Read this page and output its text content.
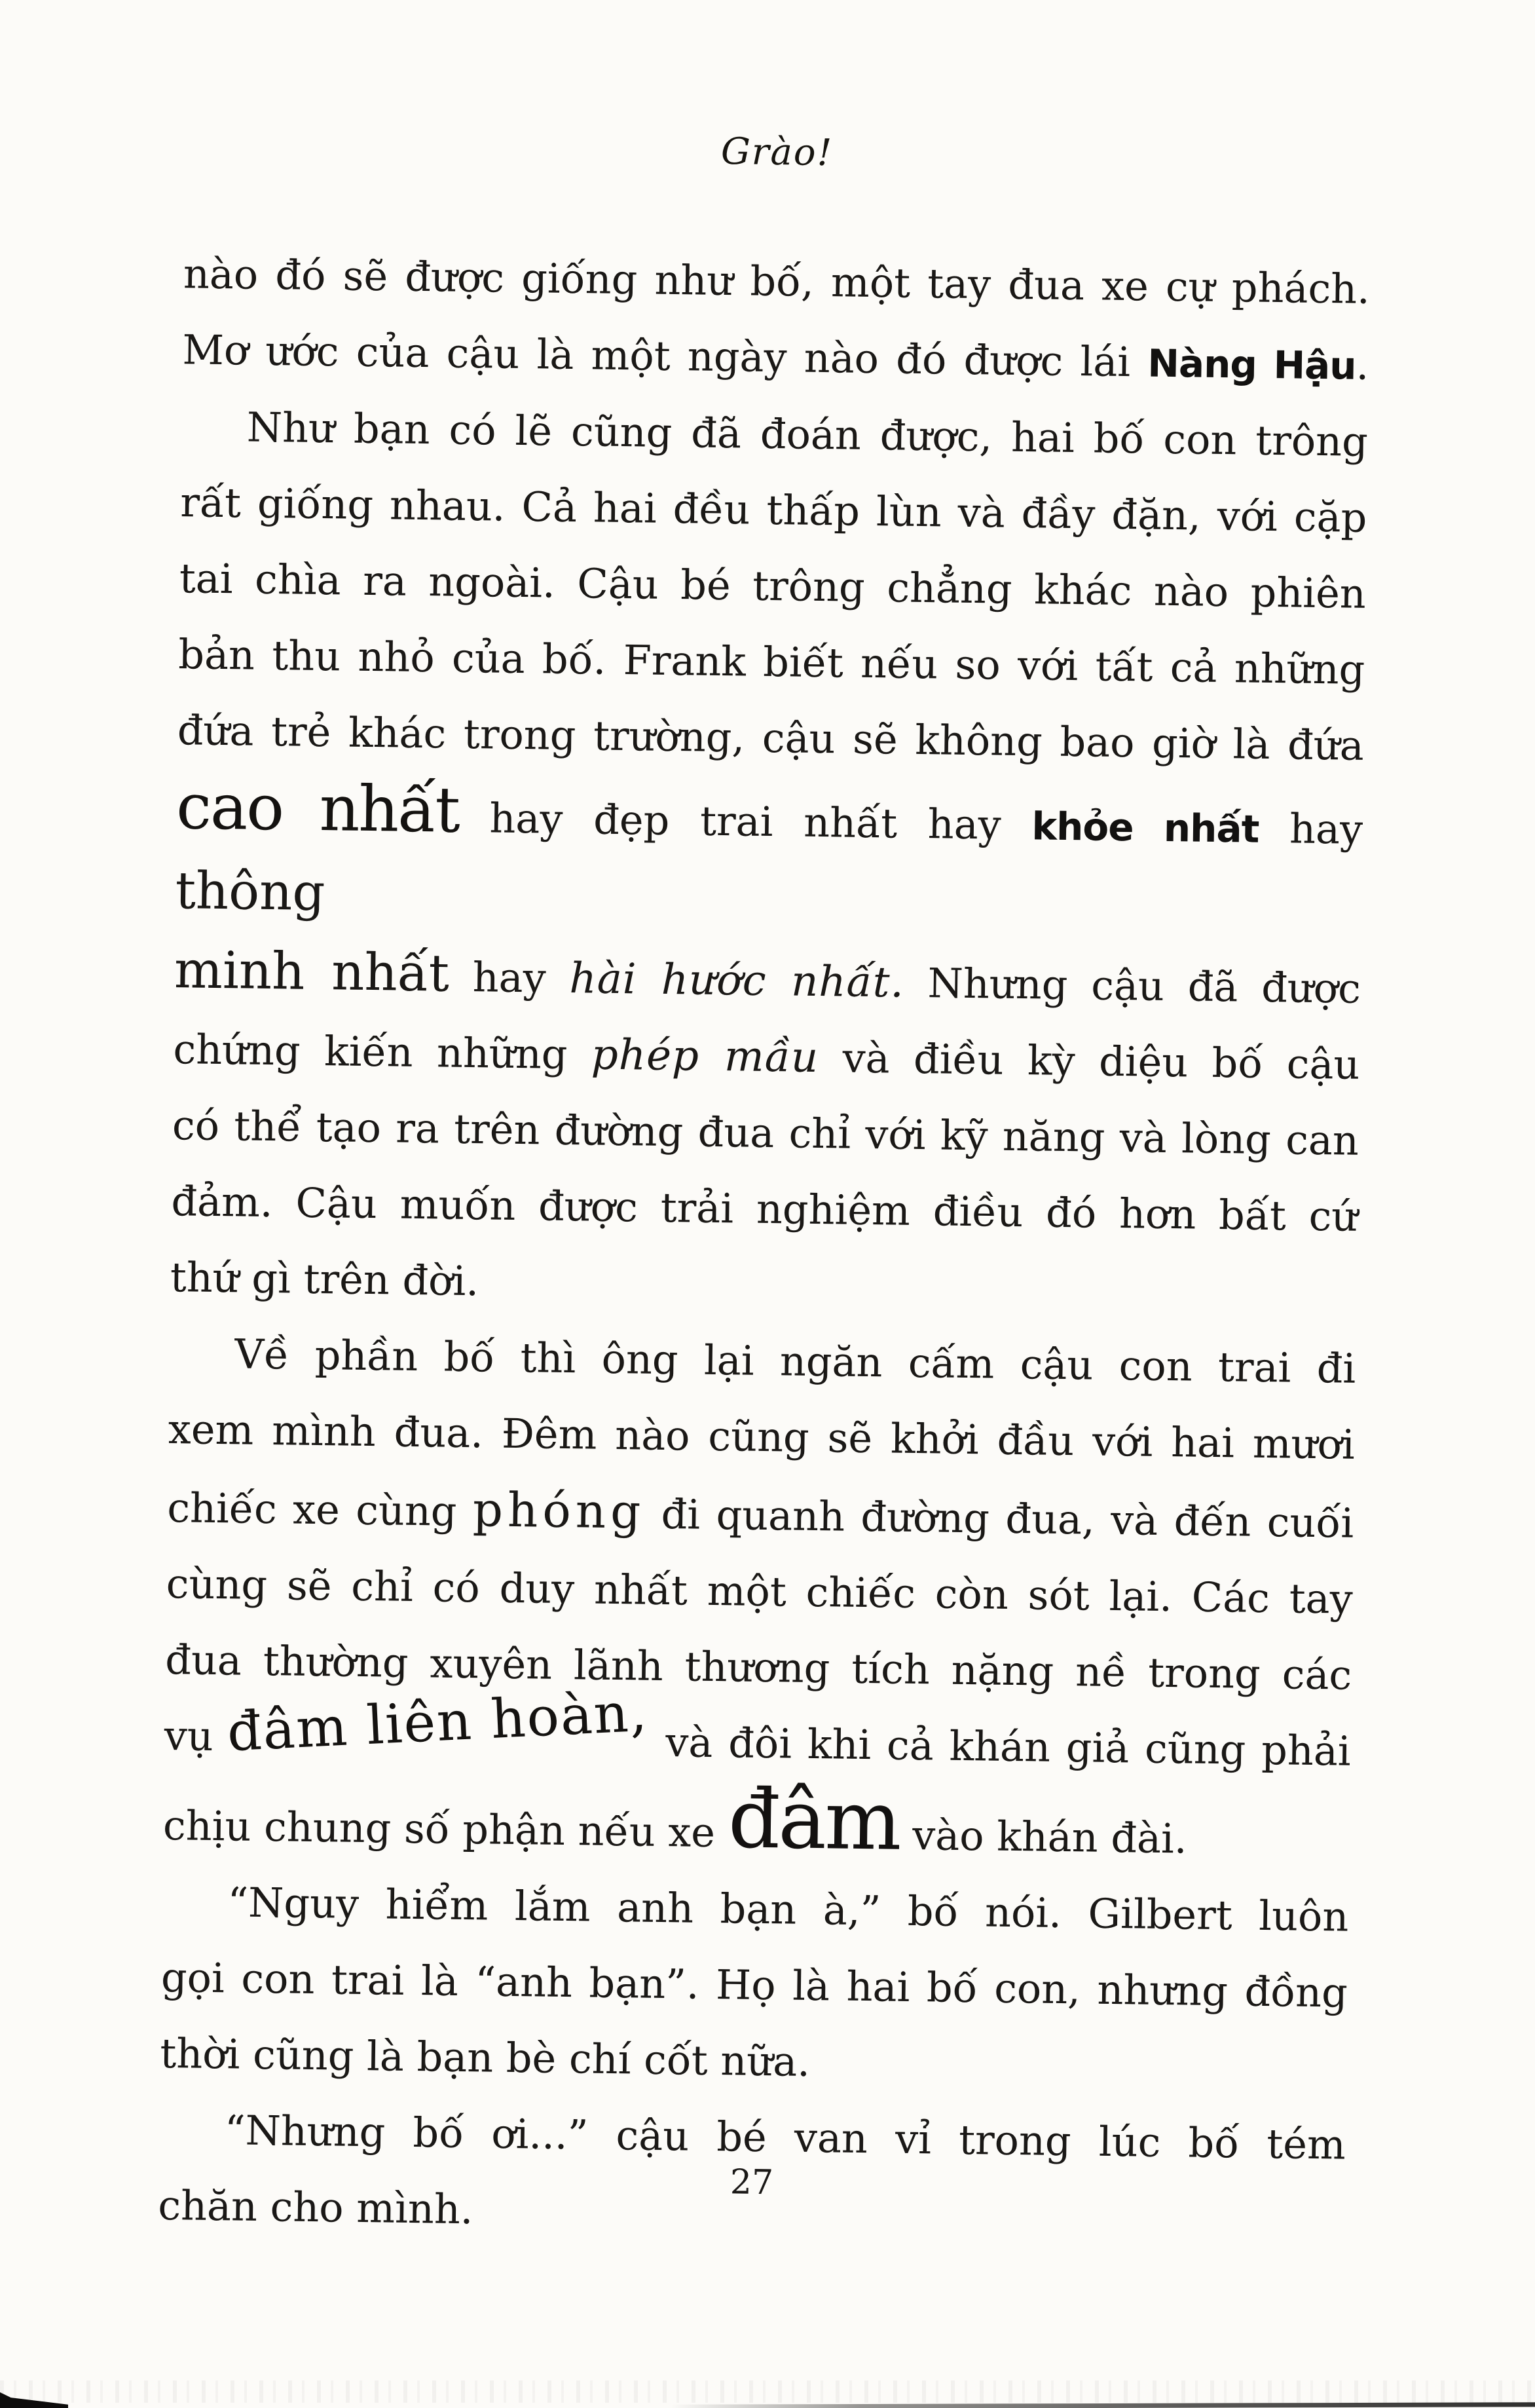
Grào!
nào đó sẽ được giống như bố, một tay đua xe cự phách.
Mơ ước của cậu là một ngày nào đó được lái Nàng Hậu.
Như bạn có lẽ cũng đã đoán được, hai bố con trông
rất giống nhau. Cả hai đều thấp lùn và đầy đặn, với cặp
tai chìa ra ngoài. Cậu bé trông chẳng khác nào phiên
bản thu nhỏ của bố. Frank biết nếu so với tất cả những
đứa trẻ khác trong trường, cậu sẽ không bao giờ là đứa
cao nhất hay đẹp trai nhất hay khỏe nhất hay thông
minh nhất hay hài hước nhất. Nhưng cậu đã được
chứng kiến những phép mầu và điều kỳ diệu bố cậu
có thể tạo ra trên đường đua chỉ với kỹ năng và lòng can
đảm. Cậu muốn được trải nghiệm điều đó hơn bất cứ
thứ gì trên đời.
Về phần bố thì ông lại ngăn cấm cậu con trai đi
xem mình đua. Đêm nào cũng sẽ khởi đầu với hai mươi
chiếc xe cùng phóng đi quanh đường đua, và đến cuối
cùng sẽ chỉ có duy nhất một chiếc còn sót lại. Các tay
đua thường xuyên lãnh thương tích nặng nề trong các
vụ đâm liên hoàn, và đôi khi cả khán giả cũng phải
chịu chung số phận nếu xe đâm vào khán đài.
“Nguy hiểm lắm anh bạn à,” bố nói. Gilbert luôn
gọi con trai là “anh bạn”. Họ là hai bố con, nhưng đồng
thời cũng là bạn bè chí cốt nữa.
“Nhưng bố ơi...” cậu bé van vỉ trong lúc bố tém
chăn cho mình.	27
